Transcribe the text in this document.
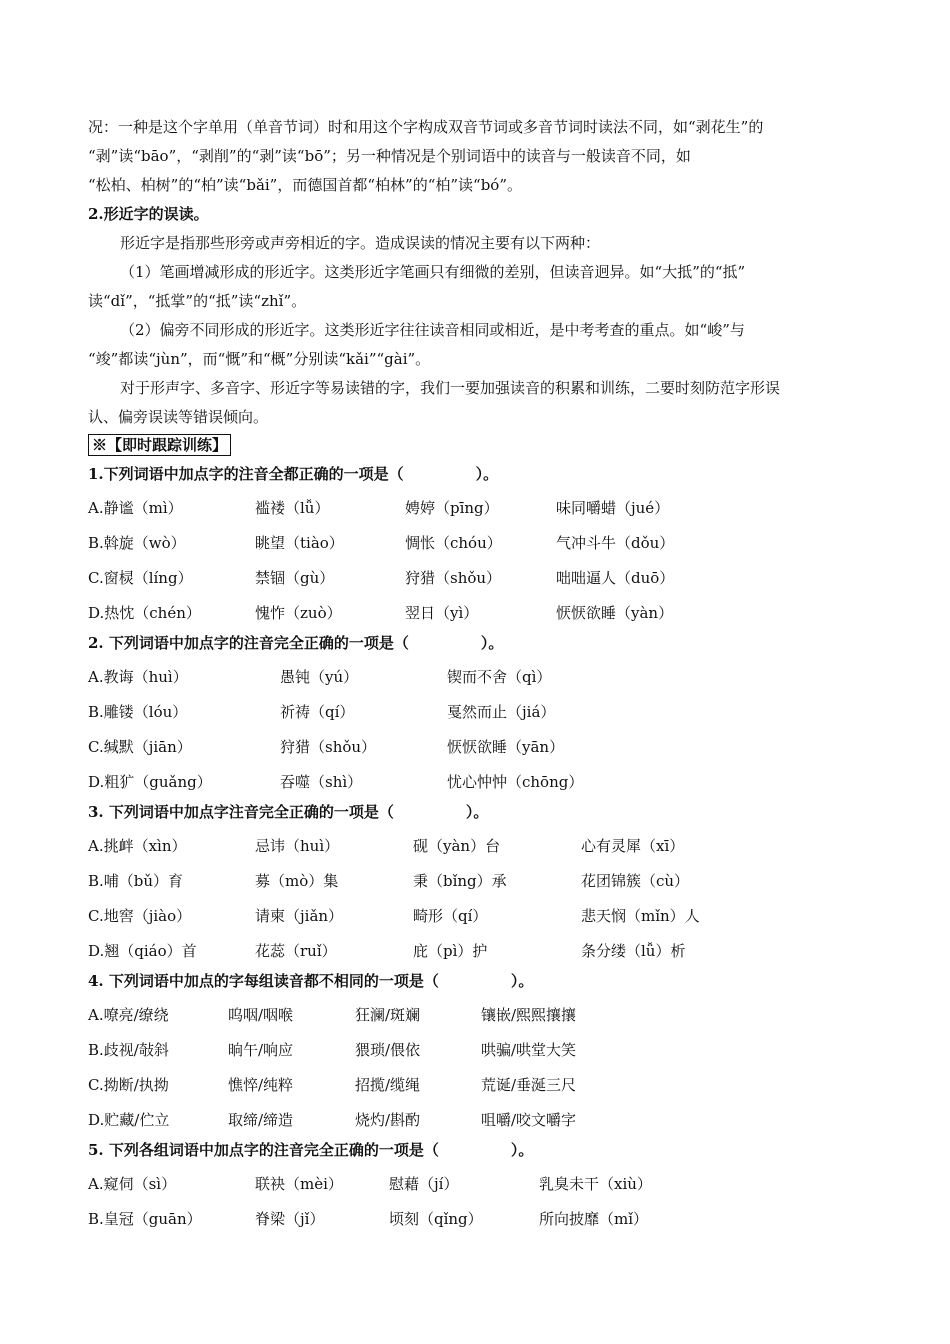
况：一种是这个字单用（单音节词）时和用这个字构成双音节词或多音节词时读法不同，如“剥花生”的
“剥”读“bāo”，“剥削”的“剥”读“bō”；另一种情况是个别词语中的读音与一般读音不同，如
“松柏、柏树”的“柏”读“bǎi”，而德国首都“柏林”的“柏”读“bó”。
2.形近字的误读。
形近字是指那些形旁或声旁相近的字。造成误读的情况主要有以下两种：
（1）笔画增减形成的形近字。这类形近字笔画只有细微的差别，但读音迥异。如“大抵”的“抵”
读“dǐ”，“抵掌”的“抵”读“zhǐ”。
（2）偏旁不同形成的形近字。这类形近字往往读音相同或相近，是中考考查的重点。如“峻”与
“竣”都读“jùn”，而“慨”和“概”分别读“kǎi”“gài”。
对于形声字、多音字、形近字等易读错的字，我们一要加强读音的积累和训练，二要时刻防范字形误
认、偏旁误读等错误倾向。
※【即时跟踪训练】
1.下列词语中加点字的注音全都正确的一项是（	）。
A.静谧（mì）	褴褛（lǚ）	娉婷（pīng）	味同嚼蜡（jué）
B.斡旋（wò）	眺望（tiào）	惆怅（chóu）	气冲斗牛（dǒu）
C.窗棂（líng）	禁锢（gù）	狩猎（shǒu）	咄咄逼人（duō）
D.热忱（chén）	愧怍（zuò）	翌日（yì）	恹恹欲睡（yàn）
2. 下列词语中加点字的注音完全正确的一项是（	）。
A.教诲（huì）	愚钝（yú）	锲而不舍（qì）
B.雕镂（lóu）	祈祷（qí）	戛然而止（jiá）
C.缄默（jiān）	狩猎（shǒu）	恹恹欲睡（yān）
D.粗犷（guǎng）	吞噬（shì）	忧心忡忡（chōng）
3. 下列词语中加点字注音完全正确的一项是（	）。
A.挑衅（xìn）	忌讳（huì）	砚（yàn）台	心有灵犀（xī）
B.哺（bǔ）育	募（mò）集	秉（bǐng）承	花团锦簇（cù）
C.地窖（jiào）	请柬（jiǎn）	畸形（qí）	悲天悯（mǐn）人
D.翘（qiáo）首	花蕊（ruǐ）	庇（pì）护	条分缕（lǚ）析
4. 下列词语中加点的字每组读音都不相同的一项是（	）。
A.嘹亮/缭绕	呜咽/咽喉	狂澜/斑斓	镶嵌/熙熙攘攘
B.歧视/敧斜	晌午/响应	猥琐/偎依	哄骗/哄堂大笑
C.拗断/执拗	憔悴/纯粹	招揽/缆绳	荒诞/垂涎三尺
D.贮藏/伫立	取缔/缔造	烧灼/斟酌	咀嚼/咬文嚼字
5. 下列各组词语中加点字的注音完全正确的一项是（	）。
A.窥伺（sì）	联袂（mèi）	慰藉（jí）	乳臭未干（xiù）
B.皇冠（guān）	脊梁（jǐ）	顷刻（qǐng）	所向披靡（mǐ）
